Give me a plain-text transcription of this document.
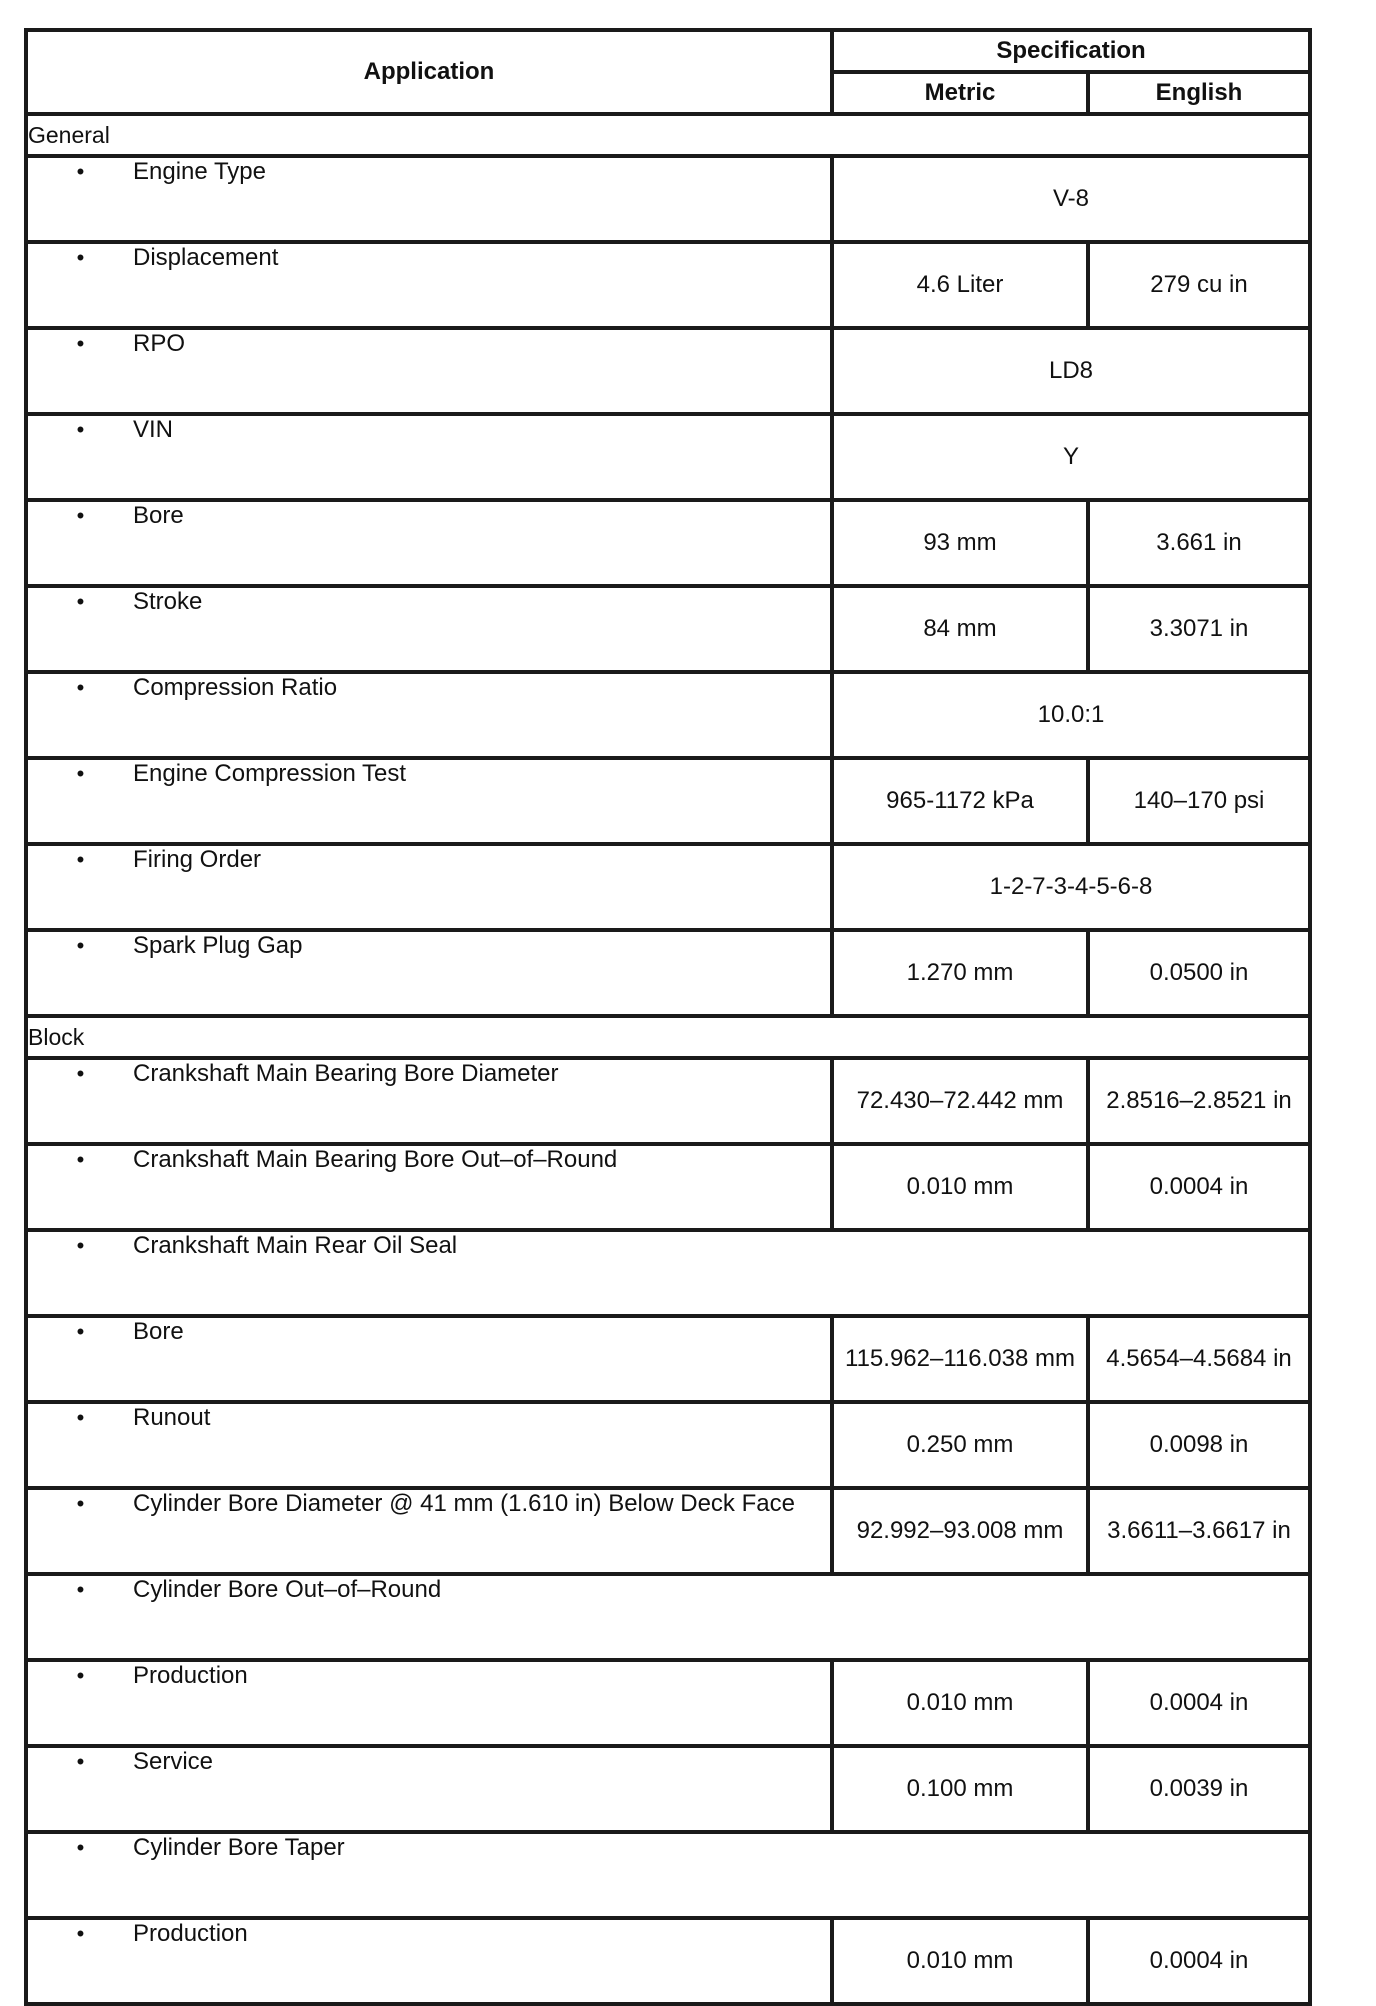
Application	Specification	
	Metric	English
General		
• Engine Type	V-8	
• Displacement	4.6 Liter	279 cu in
• RPO	LD8	
• VIN	Y	
• Bore	93 mm	3.661 in
• Stroke	84 mm	3.3071 in
• Compression Ratio	10.0:1	
• Engine Compression Test	965-1172 kPa	140–170 psi
• Firing Order	1-2-7-3-4-5-6-8	
• Spark Plug Gap	1.270 mm	0.0500 in
Block		
• Crankshaft Main Bearing Bore Diameter	72.430–72.442 mm	2.8516–2.8521 in
• Crankshaft Main Bearing Bore Out–of–Round	0.010 mm	0.0004 in
• Crankshaft Main Rear Oil Seal		
• Bore	115.962–116.038 mm	4.5654–4.5684 in
• Runout	0.250 mm	0.0098 in
• Cylinder Bore Diameter @ 41 mm (1.610 in) Below Deck Face	92.992–93.008 mm	3.6611–3.6617 in
• Cylinder Bore Out–of–Round		
• Production	0.010 mm	0.0004 in
• Service	0.100 mm	0.0039 in
• Cylinder Bore Taper		
• Production	0.010 mm	0.0004 in
